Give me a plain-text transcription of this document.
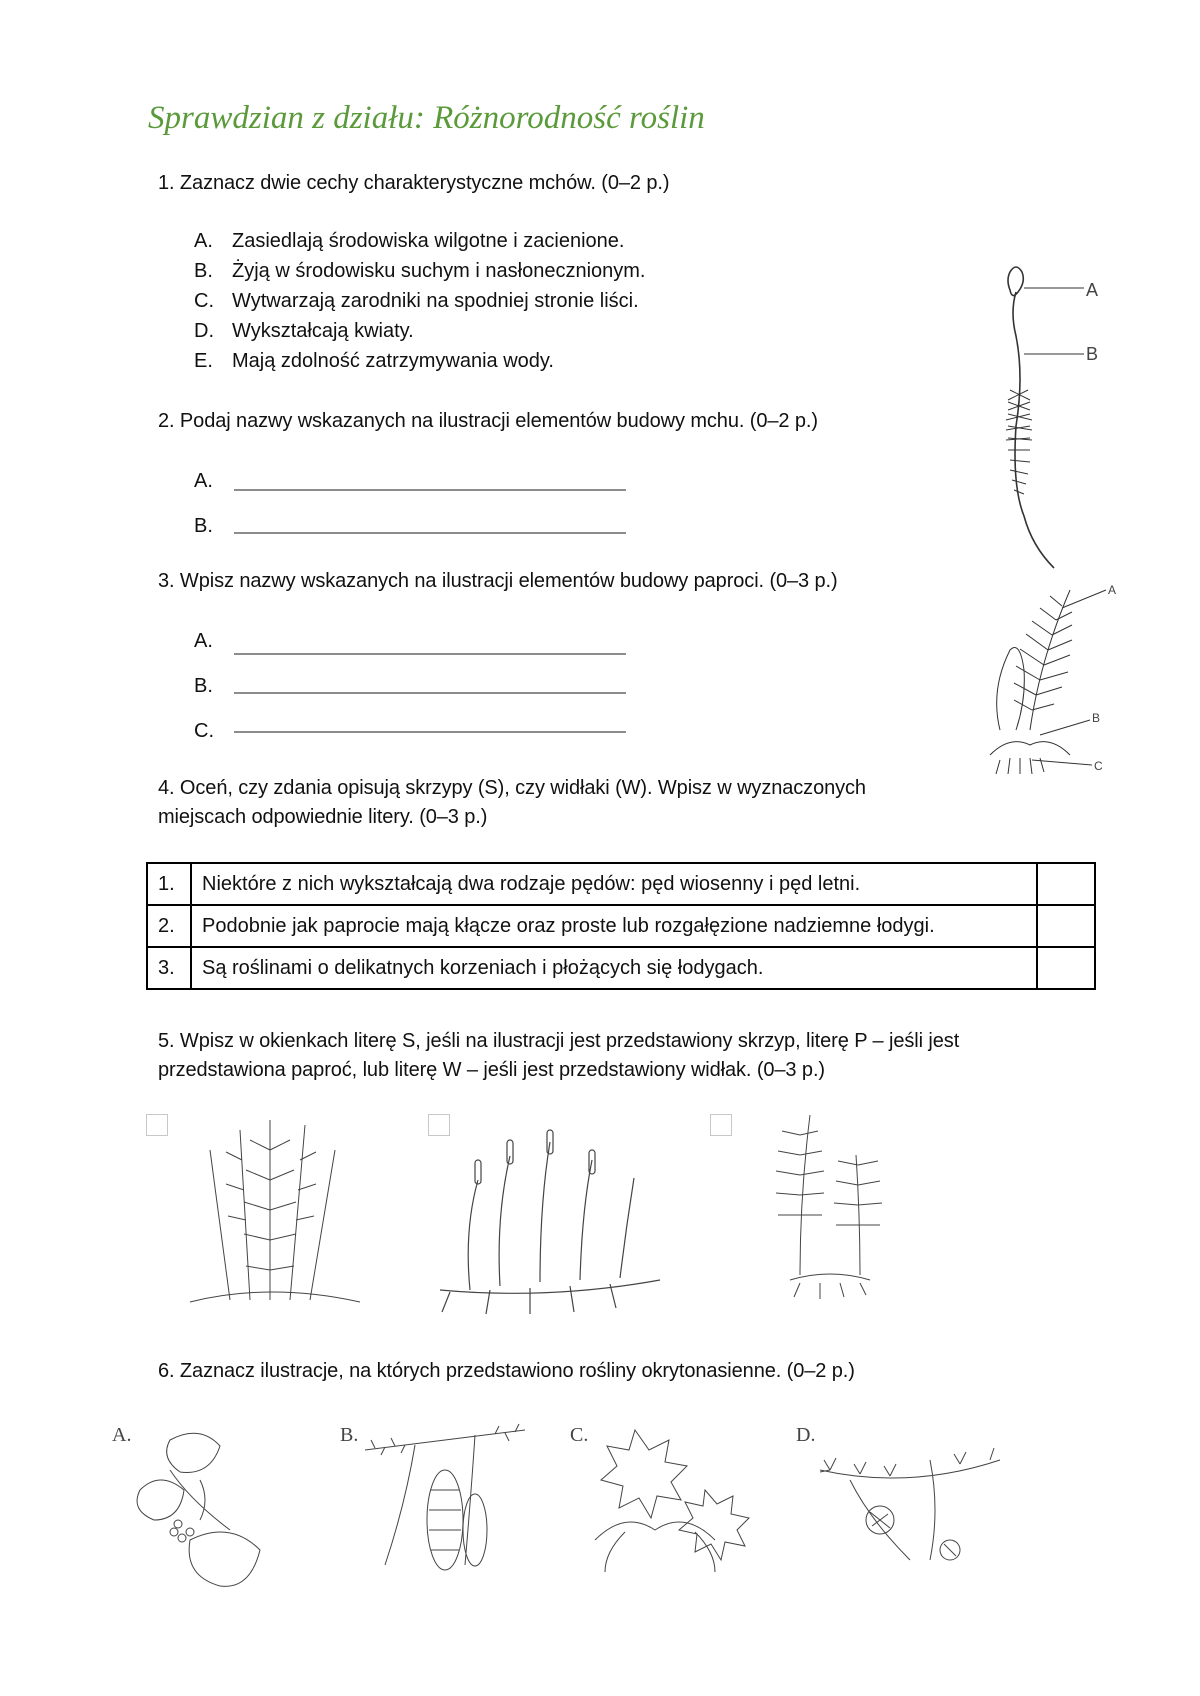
Sprawdzian z działu: Różnorodność roślin
1. Zaznacz dwie cechy charakterystyczne mchów. (0–2 p.)
A. Zasiedlają środowiska wilgotne i zacienione.
B. Żyją w środowisku suchym i nasłonecznionym.
C. Wytwarzają zarodniki na spodniej stronie liści.
D. Wykształcają kwiaty.
E. Mają zdolność zatrzymywania wody.
2. Podaj nazwy wskazanych na ilustracji elementów budowy mchu. (0–2 p.)
A.
B.
3. Wpisz nazwy wskazanych na ilustracji elementów budowy paproci. (0–3 p.)
A.
B.
C.
A
B
A
B
C
4. Oceń, czy zdania opisują skrzypy (S), czy widłaki (W). Wpisz w wyznaczonych
miejscach odpowiednie litery. (0–3 p.)
1.	Niektóre z nich wykształcają dwa rodzaje pędów: pęd wiosenny i pęd letni.	
2.	Podobnie jak paprocie mają kłącze oraz proste lub rozgałęzione nadziemne łodygi.	
3.	Są roślinami o delikatnych korzeniach i płożących się łodygach.	
5. Wpisz w okienkach literę S, jeśli na ilustracji jest przedstawiony skrzyp, literę P – jeśli jest
przedstawiona paproć, lub literę W – jeśli jest przedstawiony widłak. (0–3 p.)
6. Zaznacz ilustracje, na których przedstawiono rośliny okrytonasienne. (0–2 p.)
A.	B.	C.	D.
